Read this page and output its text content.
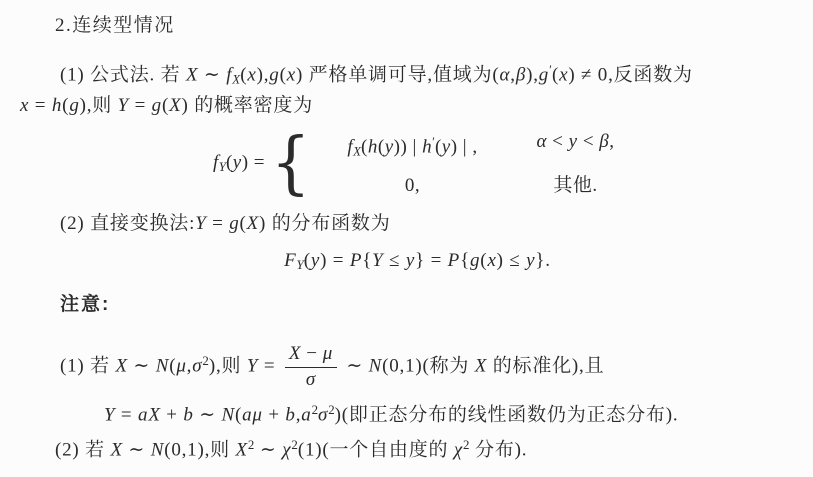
2.连续型情况
(1) 公式法. 若 X ∼ fX(x),g(x) 严格单调可导,值域为(α,β),g′(x) ≠ 0,反函数为
x = h(g),则 Y = g(X) 的概率密度为
fY(y) = {	fX(h(y)) | h′(y) | ,	α < y < β,
0,	其他.
(2) 直接变换法:Y = g(X) 的分布函数为
FY(y) = P{Y ≤ y} = P{g(x) ≤ y}.
注意:
(1) 若 X ∼ $N(\mu,\sigma^2)$,则 $Y = \frac{X - \mu}{\sigma}$ ∼ N(0,1)(称为 X 的标准化),且
Y = aX + b ∼ $N(a\mu + b,a^2\sigma^2)$(即正态分布的线性函数仍为正态分布).
(2) 若 X ∼ N(0,1),则 $X^2$ ∼ $\chi^2(1)$(一个自由度的 $\chi^2$ 分布).
